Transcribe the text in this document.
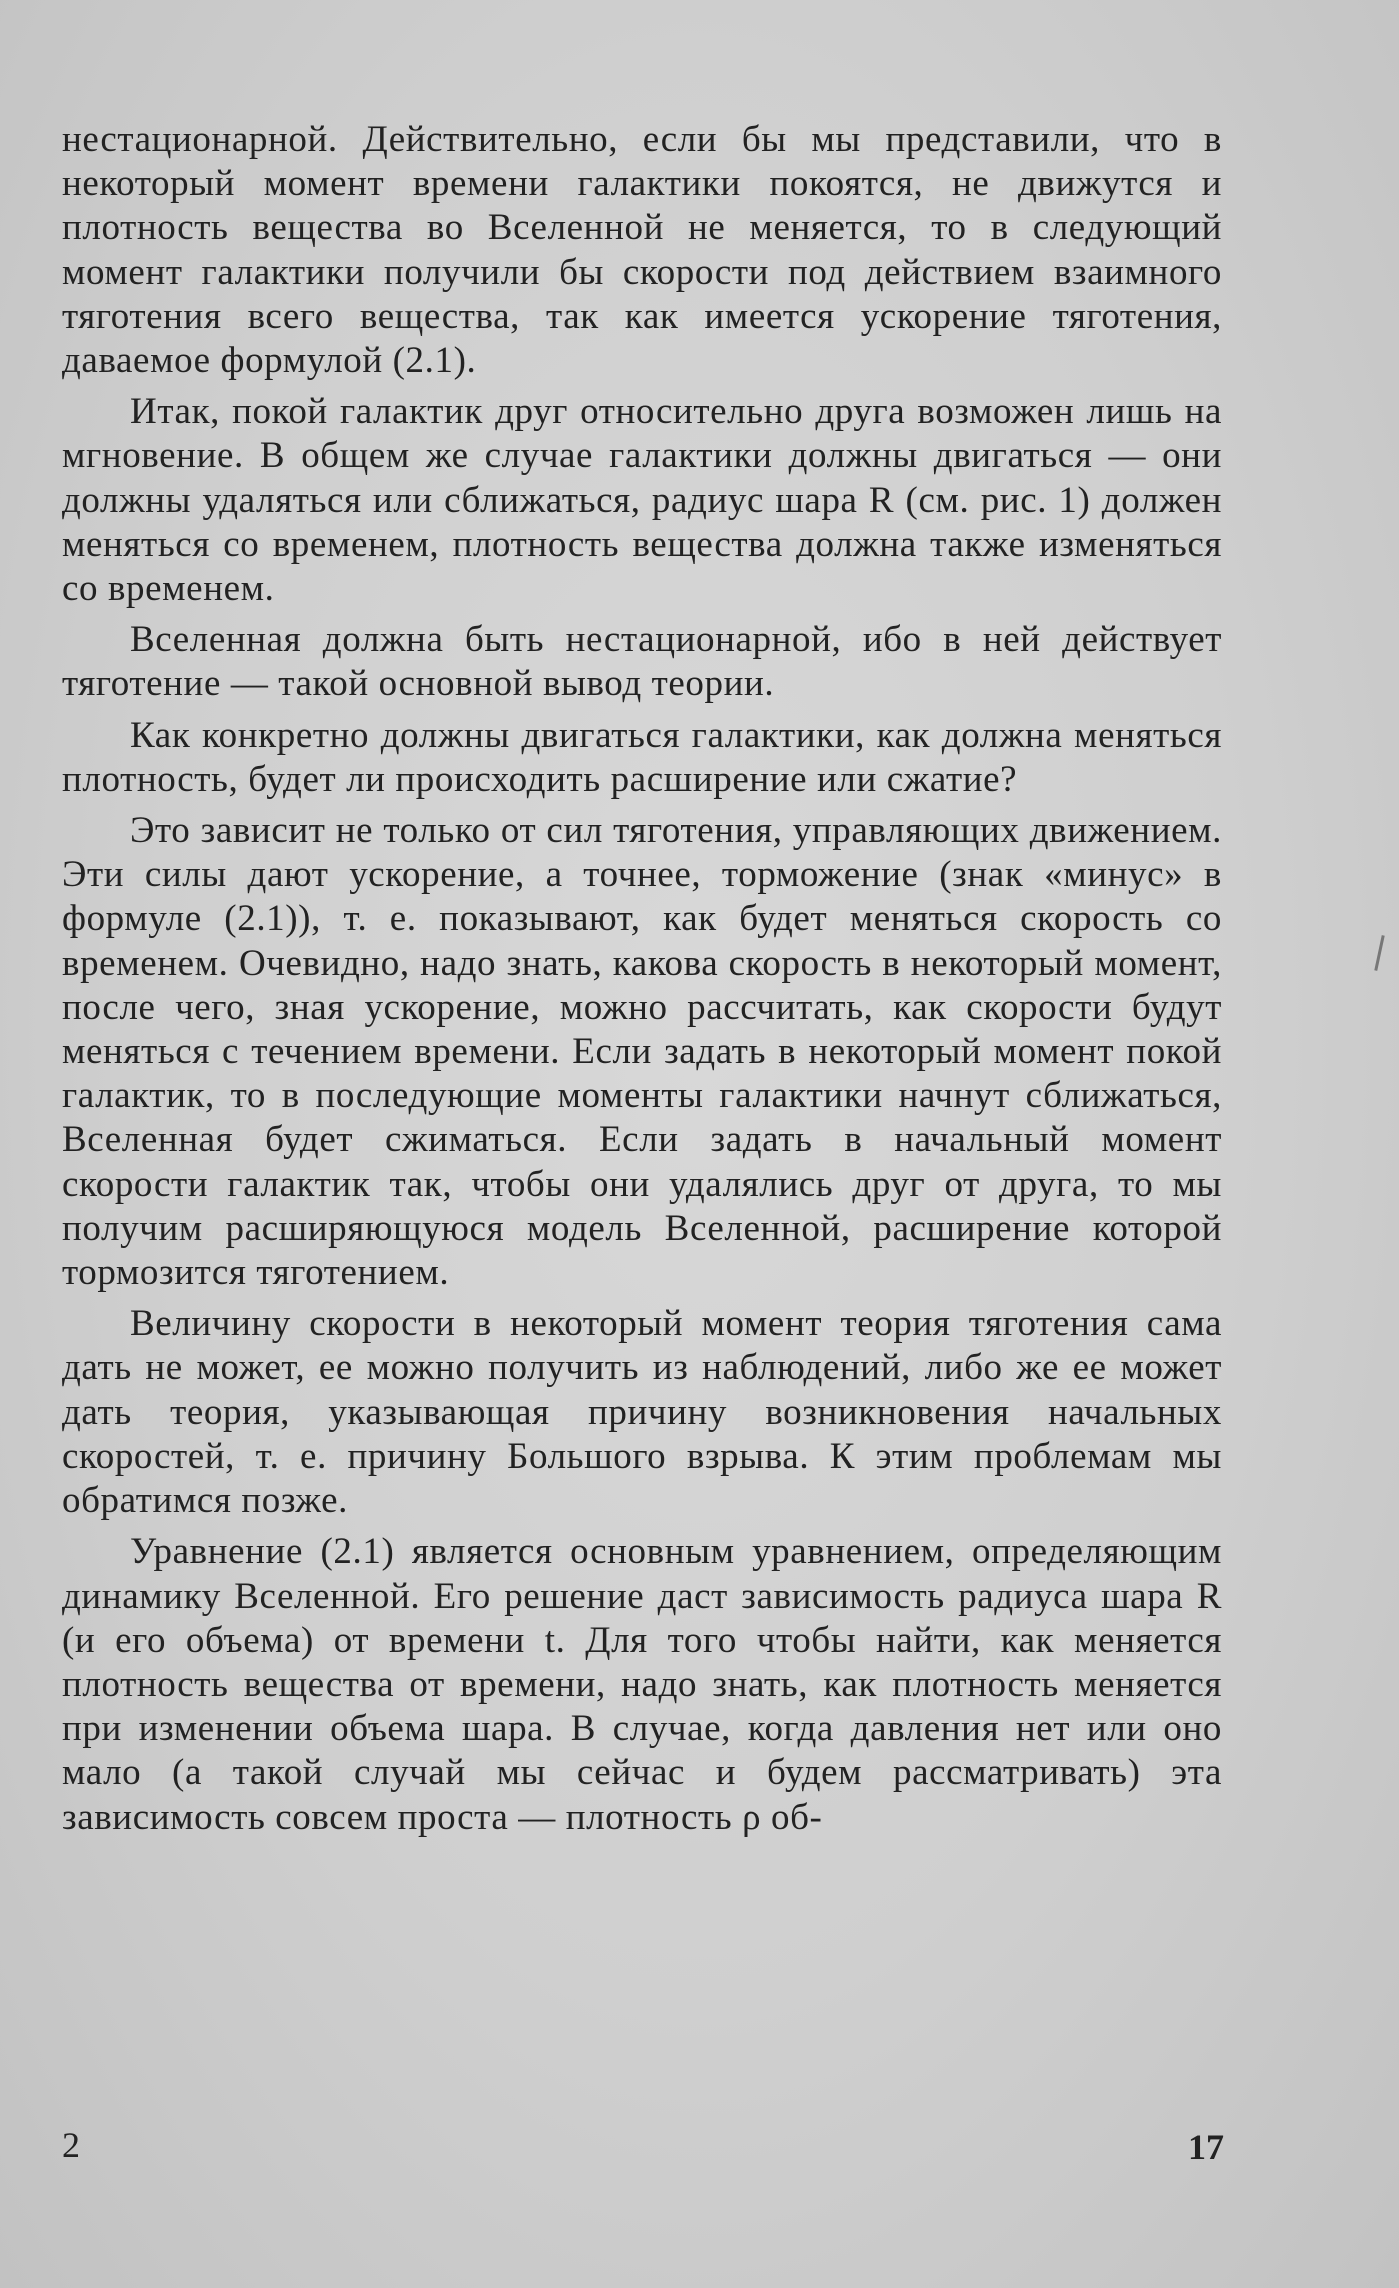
нестационарной. Действительно, если бы мы представили, что в некоторый момент времени галактики покоятся, не движутся и плотность вещества во Вселенной не меняется, то в следующий момент галактики получили бы скорости под действием взаимного тяготения всего вещества, так как имеется ускорение тяготения, даваемое формулой (2.1).

Итак, покой галактик друг относительно друга возможен лишь на мгновение. В общем же случае галактики должны двигаться — они должны удаляться или сближаться, радиус шара R (см. рис. 1) должен меняться со временем, плотность вещества должна также изменяться со временем.

Вселенная должна быть нестационарной, ибо в ней действует тяготение — такой основной вывод теории.

Как конкретно должны двигаться галактики, как должна меняться плотность, будет ли происходить расширение или сжатие?

Это зависит не только от сил тяготения, управляющих движением. Эти силы дают ускорение, а точнее, торможение (знак «минус» в формуле (2.1)), т. е. показывают, как будет меняться скорость со временем. Очевидно, надо знать, какова скорость в некоторый момент, после чего, зная ускорение, можно рассчитать, как скорости будут меняться с течением времени. Если задать в некоторый момент покой галактик, то в последующие моменты галактики начнут сближаться, Вселенная будет сжиматься. Если задать в начальный момент скорости галактик так, чтобы они удалялись друг от друга, то мы получим расширяющуюся модель Вселенной, расширение которой тормозится тяготением.

Величину скорости в некоторый момент теория тяготения сама дать не может, ее можно получить из наблюдений, либо же ее может дать теория, указывающая причину возникновения начальных скоростей, т. е. причину Большого взрыва. К этим проблемам мы обратимся позже.

Уравнение (2.1) является основным уравнением, определяющим динамику Вселенной. Его решение даст зависимость радиуса шара R (и его объема) от времени t. Для того чтобы найти, как меняется плотность вещества от времени, надо знать, как плотность меняется при изменении объема шара. В случае, когда давления нет или оно мало (а такой случай мы сейчас и будем рассматривать) эта зависимость совсем проста — плотность ρ об-

2	17
